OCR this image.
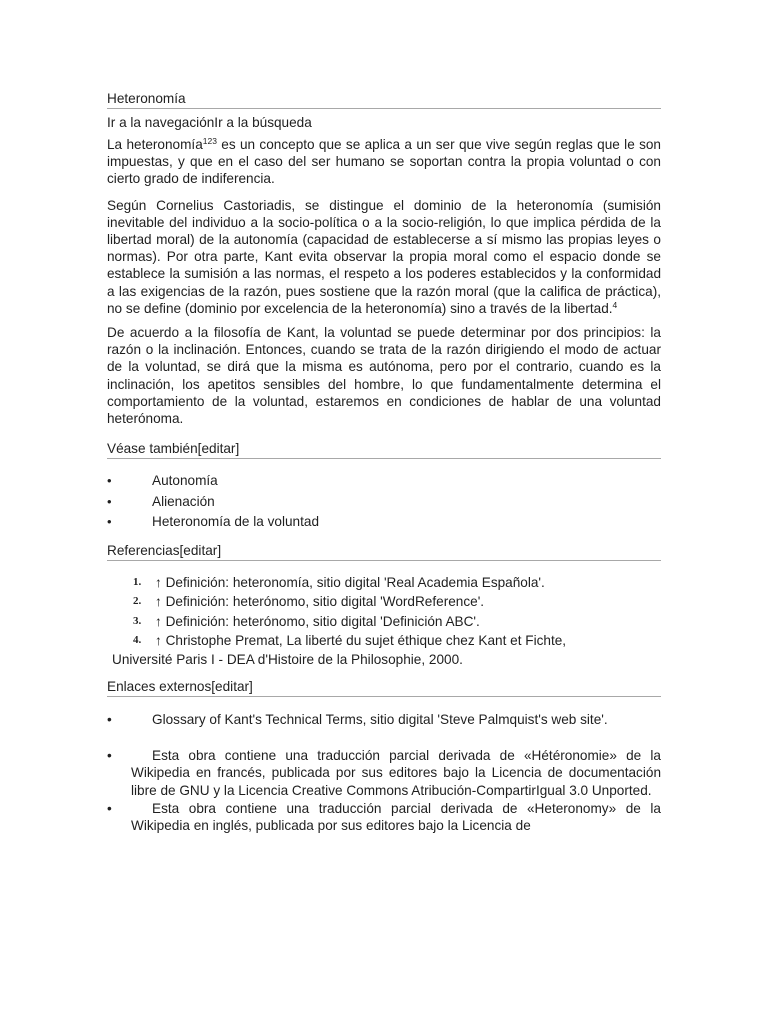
Heteronomía
Ir a la navegaciónIr a la búsqueda

La heteronomía$^{123}$ es un concepto que se aplica a un ser que vive según reglas que le son impuestas, y que en el caso del ser humano se soportan contra la propia voluntad o con cierto grado de indiferencia.

Según Cornelius Castoriadis, se distingue el dominio de la heteronomía (sumisión inevitable del individuo a la socio-política o a la socio-religión, lo que implica pérdida de la libertad moral) de la autonomía (capacidad de establecerse a sí mismo las propias leyes o normas). Por otra parte, Kant evita observar la propia moral como el espacio donde se establece la sumisión a las normas, el respeto a los poderes establecidos y la conformidad a las exigencias de la razón, pues sostiene que la razón moral (que la califica de práctica), no se define (dominio por excelencia de la heteronomía) sino a través de la libertad.$^4$

De acuerdo a la filosofía de Kant, la voluntad se puede determinar por dos principios: la razón o la inclinación. Entonces, cuando se trata de la razón dirigiendo el modo de actuar de la voluntad, se dirá que la misma es autónoma, pero por el contrario, cuando es la inclinación, los apetitos sensibles del hombre, lo que fundamentalmente determina el comportamiento de la voluntad, estaremos en condiciones de hablar de una voluntad heterónoma.

Véase también[editar]
• Autonomía
• Alienación
• Heteronomía de la voluntad
Referencias[editar]
1. ↑ Definición: heteronomía, sitio digital 'Real Academia Española'.
2. ↑ Definición: heterónomo, sitio digital 'WordReference'.
3. ↑ Definición: heterónomo, sitio digital 'Definición ABC'.
4. ↑ Christophe Premat, La liberté du sujet éthique chez Kant et Fichte,
Université Paris I - DEA d'Histoire de la Philosophie, 2000.
Enlaces externos[editar]
•	Glossary of Kant's Technical Terms, sitio digital 'Steve Palmquist's web site'.
•	Esta obra contiene una traducción parcial derivada de «Hétéronomie» de la Wikipedia en francés, publicada por sus editores bajo la Licencia de documentación libre de GNU y la Licencia Creative Commons Atribución-CompartirIgual 3.0 Unported.
•	Esta obra contiene una traducción parcial derivada de «Heteronomy» de la Wikipedia en inglés, publicada por sus editores bajo la Licencia de
